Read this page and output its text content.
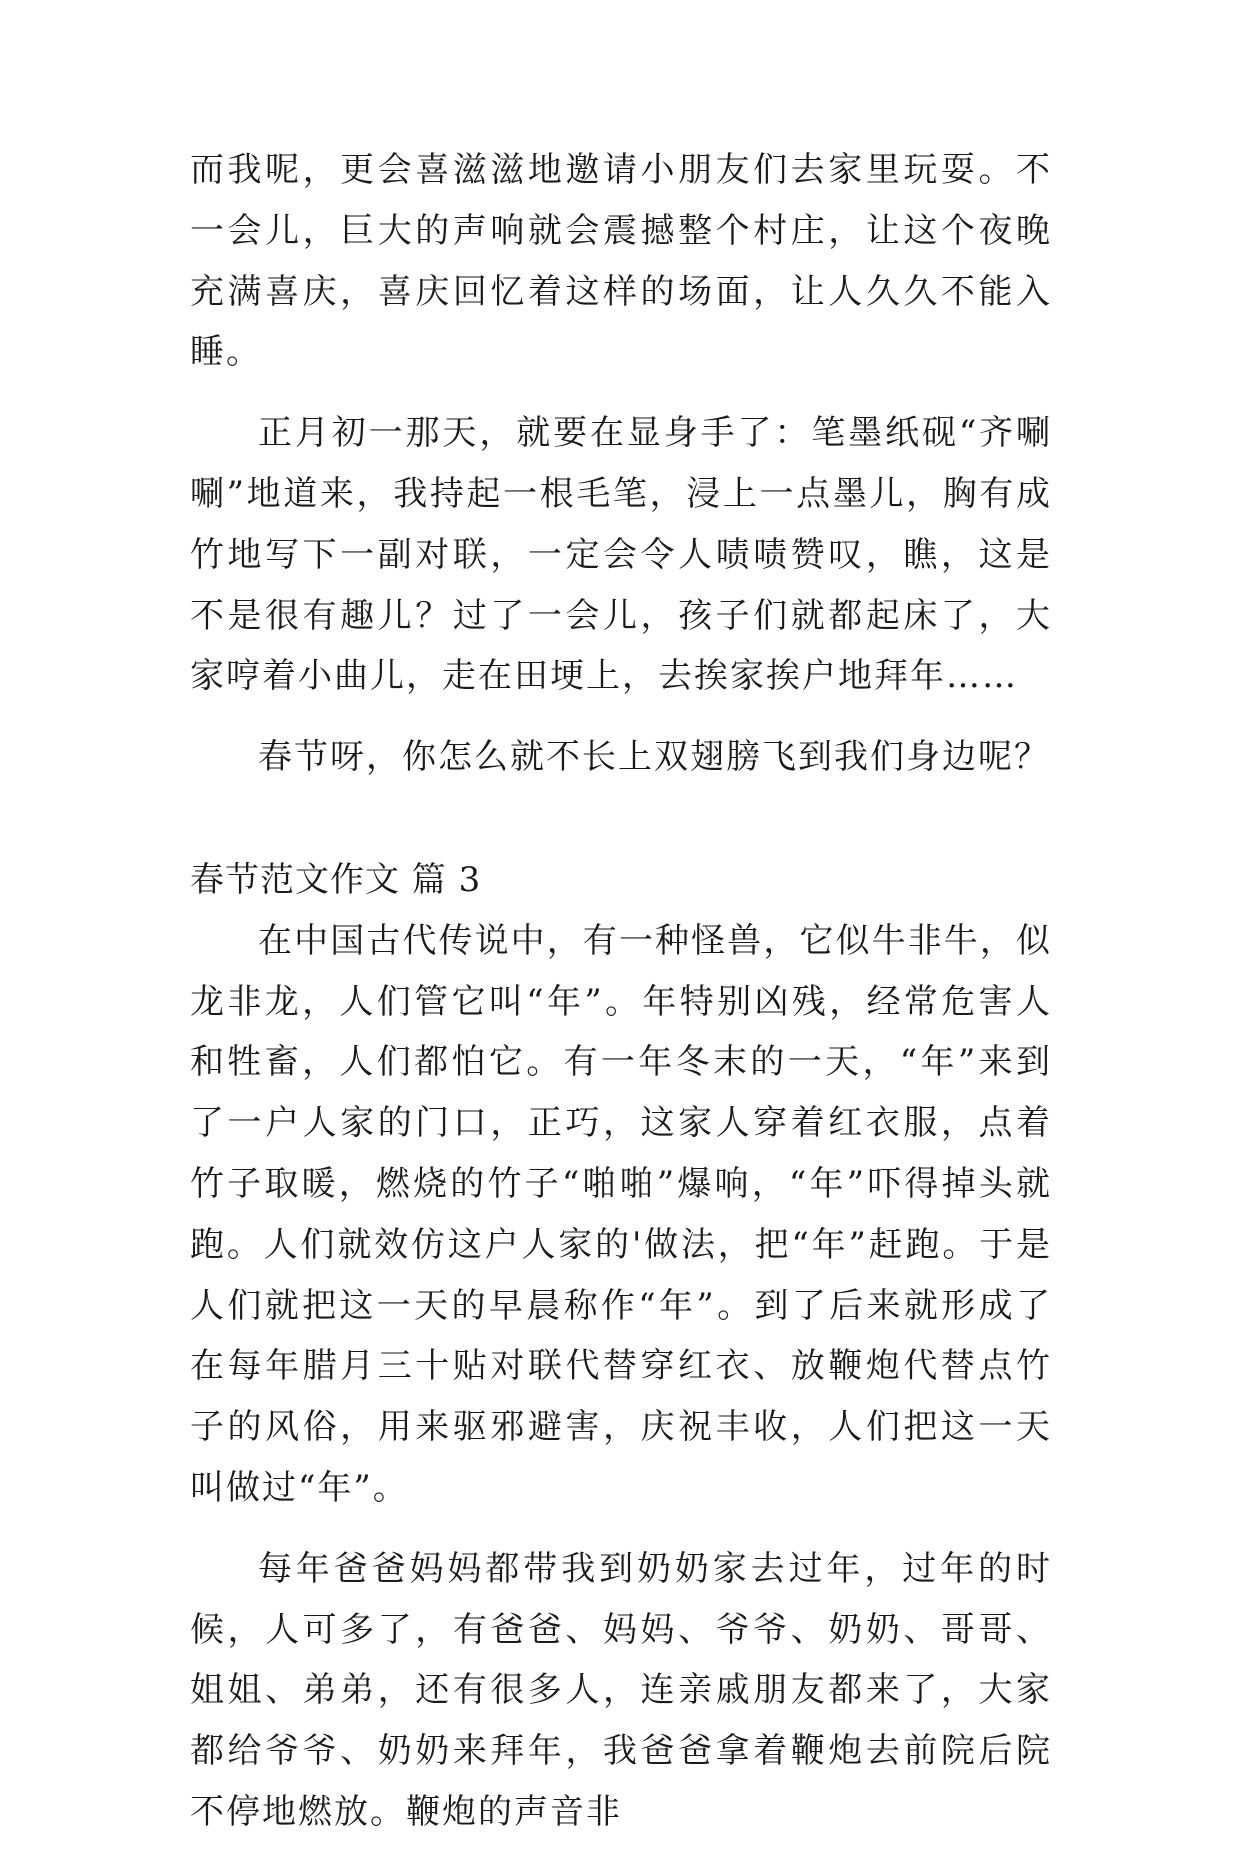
而我呢，更会喜滋滋地邀请小朋友们去家里玩耍。不一会儿，巨大的声响就会震撼整个村庄，让这个夜晚充满喜庆，喜庆回忆着这样的场面，让人久久不能入睡。

正月初一那天，就要在显身手了：笔墨纸砚“齐唰唰”地道来，我持起一根毛笔，浸上一点墨儿，胸有成竹地写下一副对联，一定会令人啧啧赞叹，瞧，这是不是很有趣儿？过了一会儿，孩子们就都起床了，大家哼着小曲儿，走在田埂上，去挨家挨户地拜年……

春节呀，你怎么就不长上双翅膀飞到我们身边呢？

春节范文作文 篇 3

在中国古代传说中，有一种怪兽，它似牛非牛，似龙非龙，人们管它叫“年”。年特别凶残，经常危害人和牲畜，人们都怕它。有一年冬末的一天，“年”来到了一户人家的门口，正巧，这家人穿着红衣服，点着竹子取暖，燃烧的竹子“啪啪”爆响，“年”吓得掉头就跑。人们就效仿这户人家的'做法，把“年”赶跑。于是人们就把这一天的早晨称作“年”。到了后来就形成了在每年腊月三十贴对联代替穿红衣、放鞭炮代替点竹子的风俗，用来驱邪避害，庆祝丰收，人们把这一天叫做过“年”。

每年爸爸妈妈都带我到奶奶家去过年，过年的时候，人可多了，有爸爸、妈妈、爷爷、奶奶、哥哥、姐姐、弟弟，还有很多人，连亲戚朋友都来了，大家都给爷爷、奶奶来拜年，我爸爸拿着鞭炮去前院后院不停地燃放。鞭炮的声音非
